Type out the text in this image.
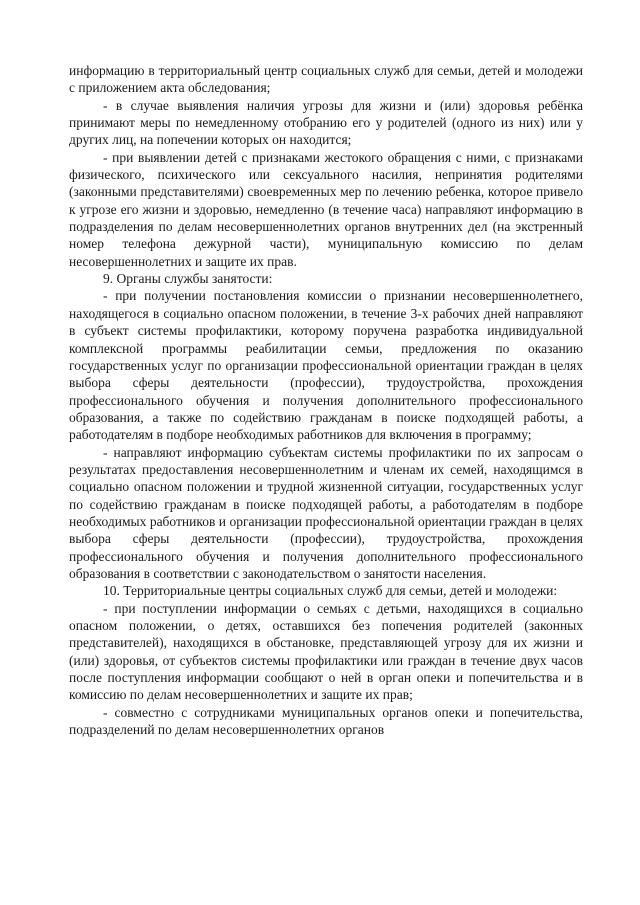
информацию в территориальный центр социальных служб для семьи, детей и молодежи с приложением акта обследования;

- в случае выявления наличия угрозы для жизни и (или) здоровья ребёнка принимают меры по немедленному отобранию его у родителей (одного из них) или у других лиц, на попечении которых он находится;

- при выявлении детей с признаками жестокого обращения с ними, с признаками физического, психического или сексуального насилия, непринятия родителями (законными представителями) своевременных мер по лечению ребенка, которое привело к угрозе его жизни и здоровью, немедленно (в течение часа) направляют информацию в подразделения по делам несовершеннолетних органов внутренних дел (на экстренный номер телефона дежурной части), муниципальную комиссию по делам несовершеннолетних и защите их прав.

9. Органы службы занятости:

- при получении постановления комиссии о признании несовершеннолетнего, находящегося в социально опасном положении, в течение 3-х рабочих дней направляют в субъект системы профилактики, которому поручена разработка индивидуальной комплексной программы реабилитации семьи, предложения по оказанию государственных услуг по организации профессиональной ориентации граждан в целях выбора сферы деятельности (профессии), трудоустройства, прохождения профессионального обучения и получения дополнительного профессионального образования, а также по содействию гражданам в поиске подходящей работы, а работодателям в подборе необходимых работников для включения в программу;

- направляют информацию субъектам системы профилактики по их запросам о результатах предоставления несовершеннолетним и членам их семей, находящимся в социально опасном положении и трудной жизненной ситуации, государственных услуг по содействию гражданам в поиске подходящей работы, а работодателям в подборе необходимых работников и организации профессиональной ориентации граждан в целях выбора сферы деятельности (профессии), трудоустройства, прохождения профессионального обучения и получения дополнительного профессионального образования в соответствии с законодательством о занятости населения.

10. Территориальные центры социальных служб для семьи, детей и молодежи:

- при поступлении информации о семьях с детьми, находящихся в социально опасном положении, о детях, оставшихся без попечения родителей (законных представителей), находящихся в обстановке, представляющей угрозу для их жизни и (или) здоровья, от субъектов системы профилактики или граждан в течение двух часов после поступления информации сообщают о ней в орган опеки и попечительства и в комиссию по делам несовершеннолетних и защите их прав;

- совместно с сотрудниками муниципальных органов опеки и попечительства, подразделений по делам несовершеннолетних органов
